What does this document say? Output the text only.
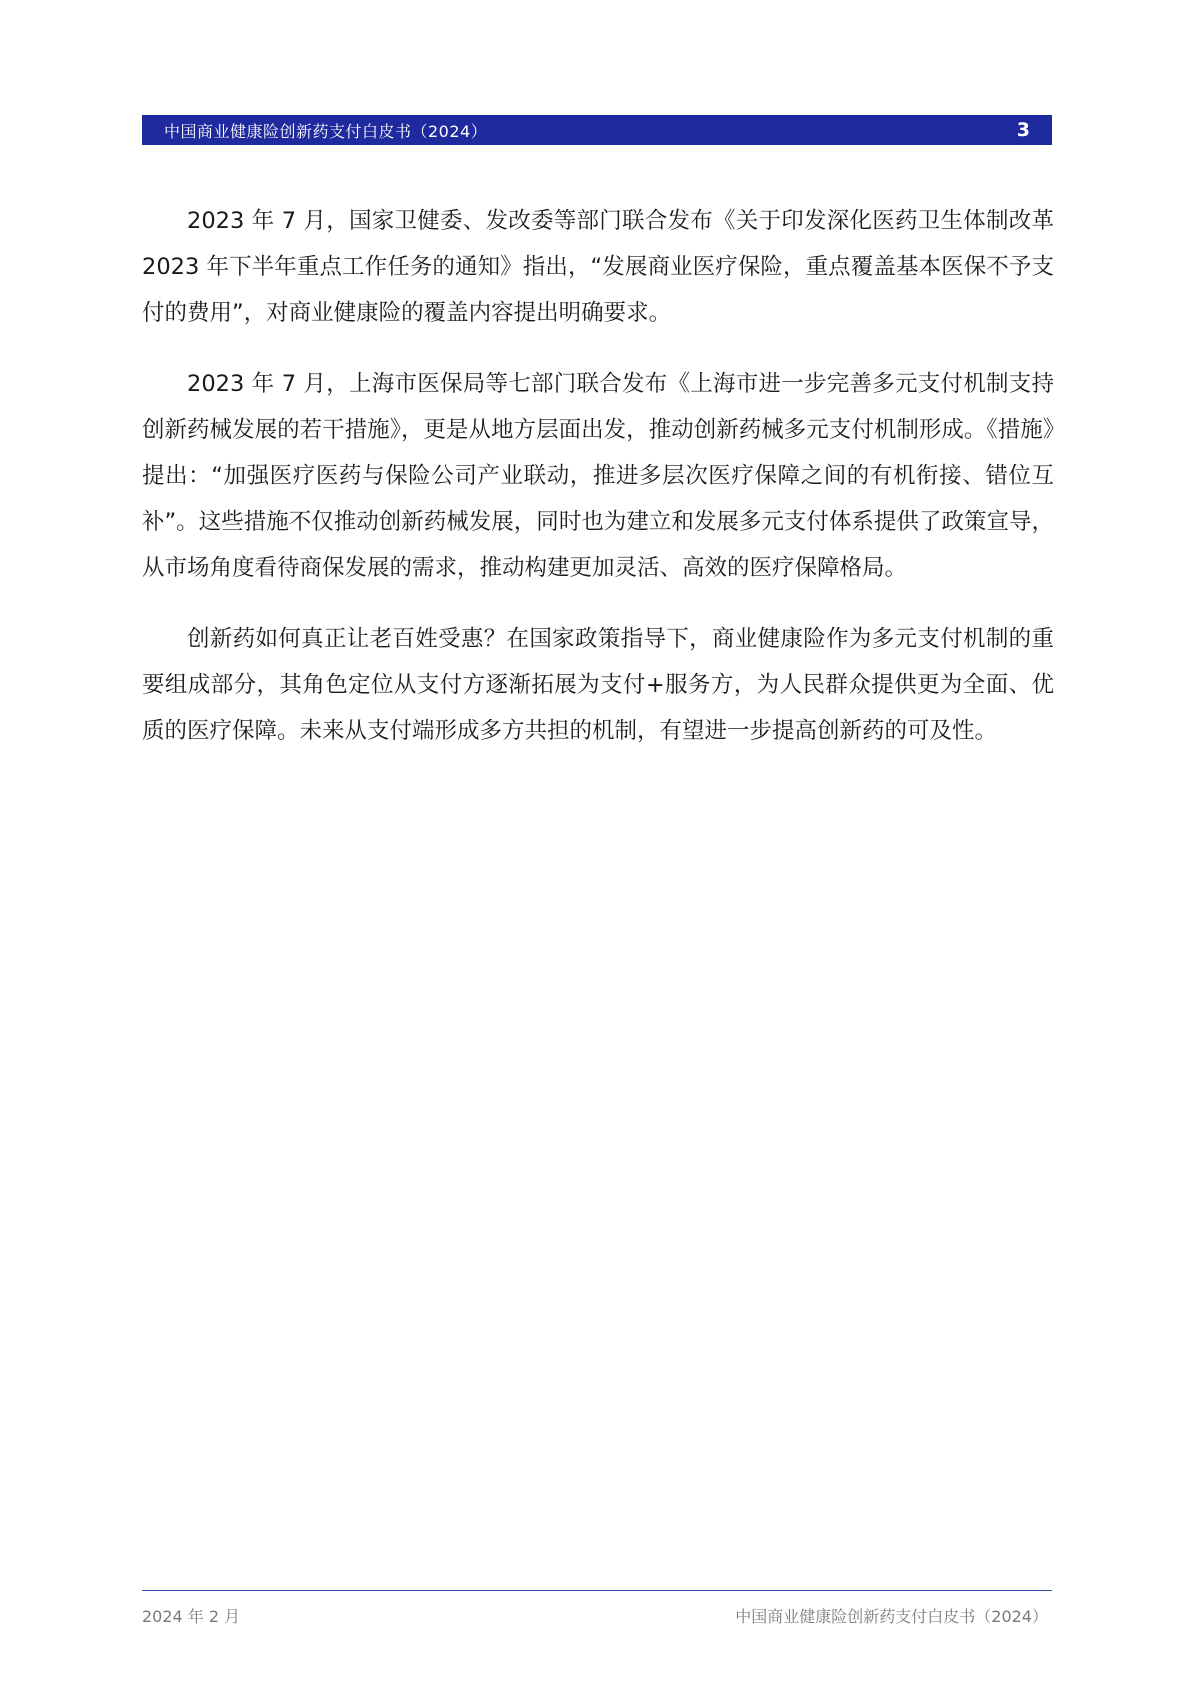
中国商业健康险创新药支付白皮书（2024）	3

2023 年 7 月，国家卫健委、发改委等部门联合发布《关于印发深化医药卫生体制改革 2023 年下半年重点工作任务的通知》指出，“发展商业医疗保险，重点覆盖基本医保不予支付的费用”，对商业健康险的覆盖内容提出明确要求。

2023 年 7 月，上海市医保局等七部门联合发布《上海市进一步完善多元支付机制支持创新药械发展的若干措施》，更是从地方层面出发，推动创新药械多元支付机制形成。《措施》提出：“加强医疗医药与保险公司产业联动，推进多层次医疗保障之间的有机衔接、错位互补”。这些措施不仅推动创新药械发展，同时也为建立和发展多元支付体系提供了政策宣导，从市场角度看待商保发展的需求，推动构建更加灵活、高效的医疗保障格局。

创新药如何真正让老百姓受惠？在国家政策指导下，商业健康险作为多元支付机制的重要组成部分，其角色定位从支付方逐渐拓展为支付+服务方，为人民群众提供更为全面、优质的医疗保障。未来从支付端形成多方共担的机制，有望进一步提高创新药的可及性。

2024 年 2 月	中国商业健康险创新药支付白皮书（2024）
